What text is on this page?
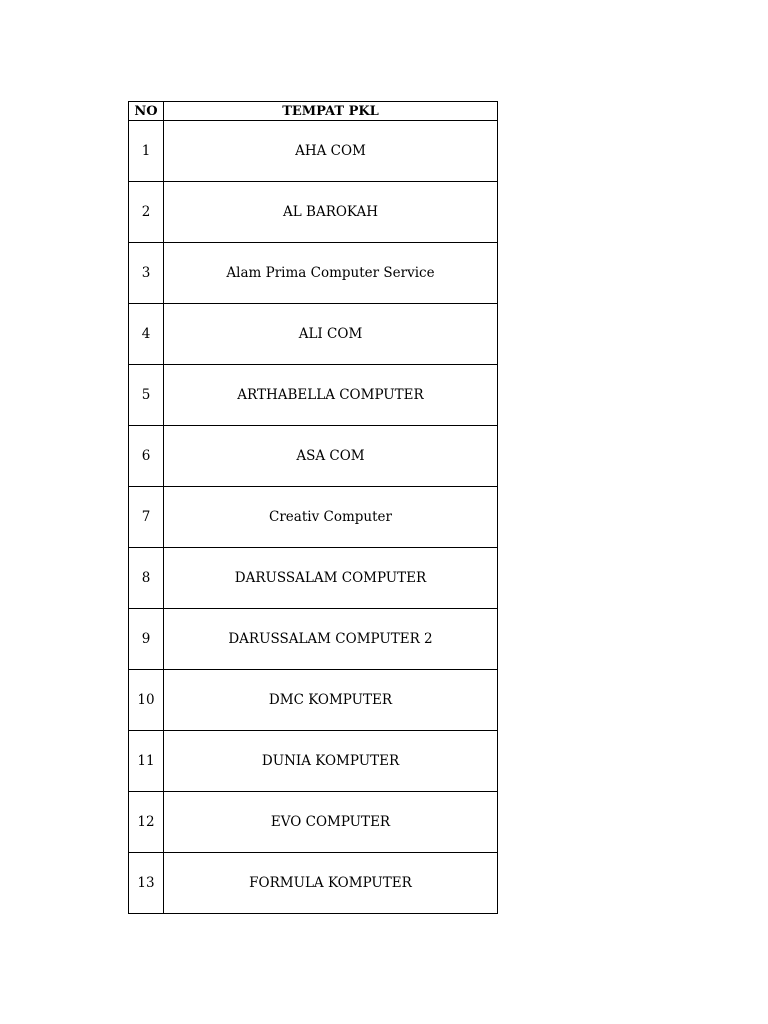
NO	TEMPAT PKL
1	AHA COM
2	AL BAROKAH
3	Alam Prima Computer Service
4	ALI COM
5	ARTHABELLA COMPUTER
6	ASA COM
7	Creativ Computer
8	DARUSSALAM COMPUTER
9	DARUSSALAM COMPUTER 2
10	DMC KOMPUTER
11	DUNIA KOMPUTER
12	EVO COMPUTER
13	FORMULA KOMPUTER
